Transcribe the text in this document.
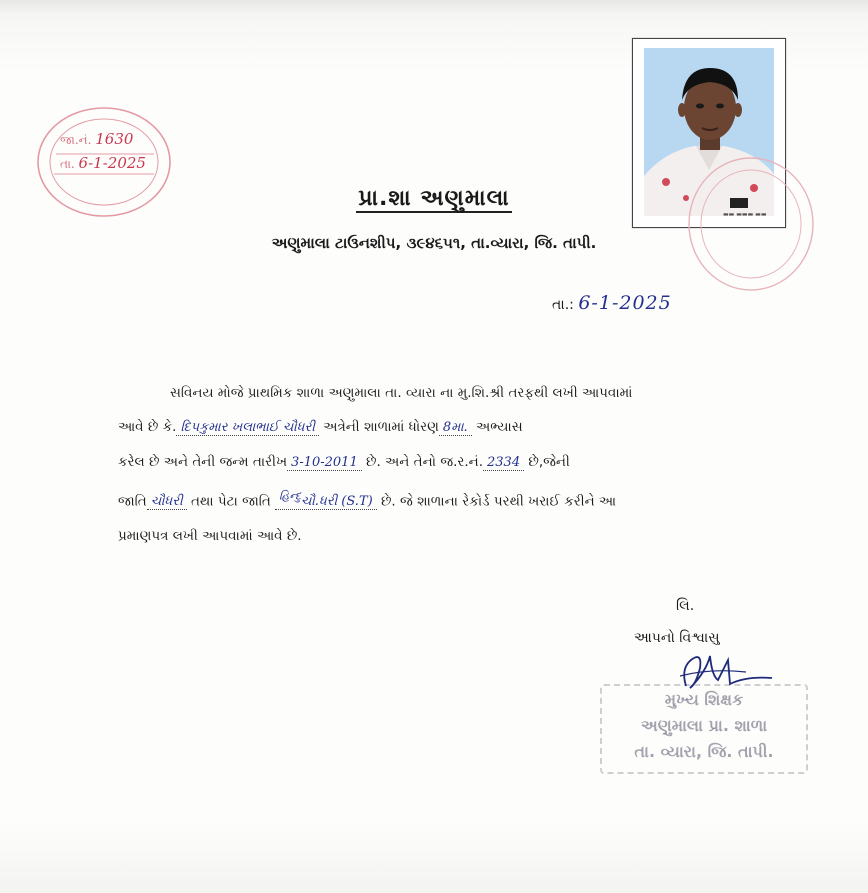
જા.નં. 1630
તા. 6-1-2025
▬▬ ▬▬▬ ▬▬
પ્રા.શા અણુમાલા
અણુમાલા ટાઉનશીપ, ૩૯૪૬૫૧, તા.વ્યારા, જિ. તાપી.
તા.: 6-1-2025

સવિનય મોજે પ્રાથમિક શાળા અણુમાલા તા. વ્યારા ના મુ.શિ.શ્રી તરફથી લખી આપવામાં

આવે છે કે. દિપકુમાર ખલાભાઈ ચૌધરી અત્રેની શાળામાં ધોરણ 8મા. અભ્યાસ

કરેલ છે અને તેની જન્મ તારીખ 3-10-2011 છે. અને તેનો જ.ર.નં. 2334 છે,જેની

જાતિ ચૌધરી તથા પેટા જાતિ $^{હિન્દુ}$ચૌ.ધરી (S.T) છે. જે શાળાના રેકોર્ડ પરથી ખરાઈ કરીને આ

પ્રમાણપત્ર લખી આપવામાં આવે છે.

લિ.
આપનો વિશ્વાસુ
મુખ્ય શિક્ષક
અણુમાલા પ્રા. શાળા
તા. વ્યારા, જિ. તાપી.
